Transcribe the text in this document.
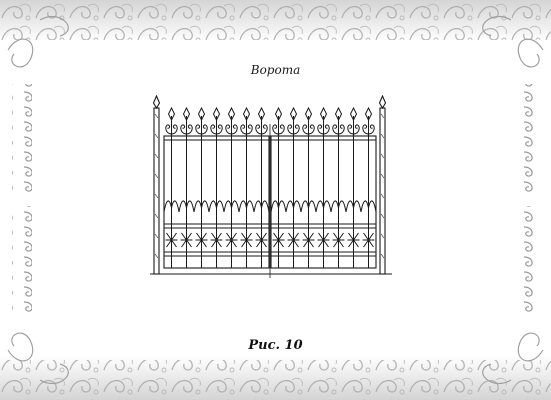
Ворота
Рис. 10
